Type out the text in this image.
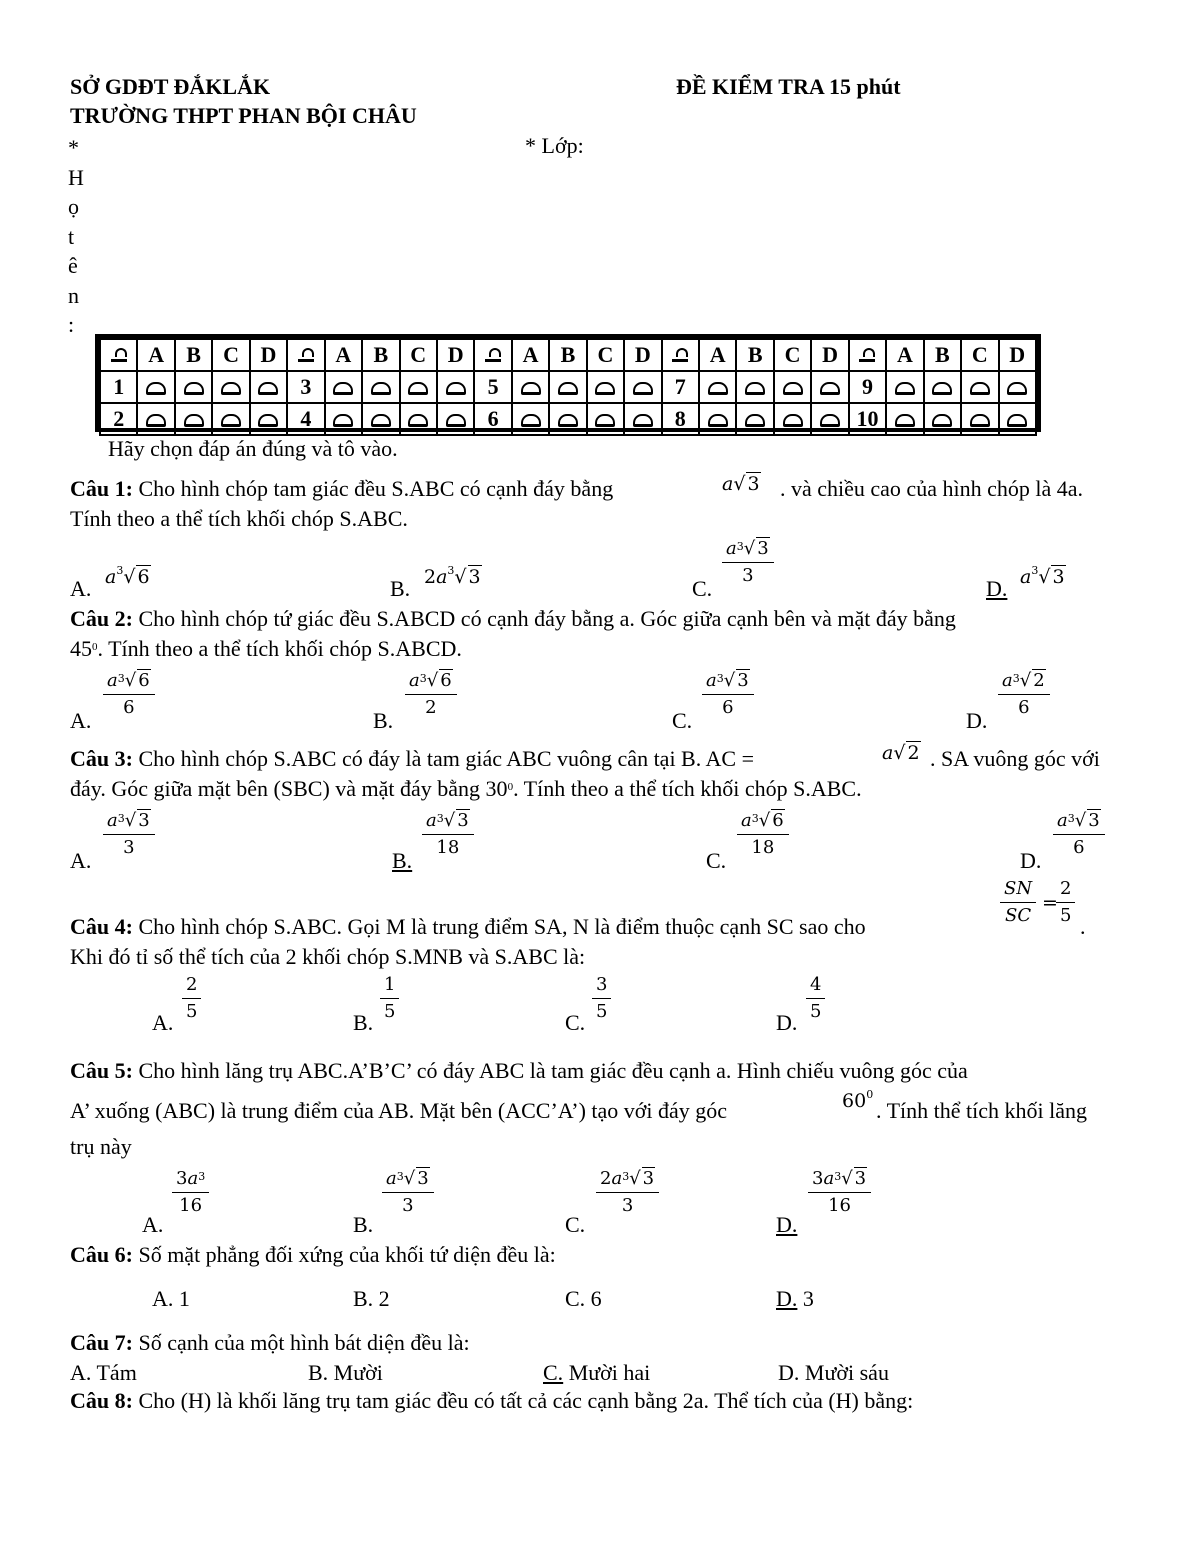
SỞ GDĐT ĐẮKLẮK
TRƯỜNG THPT PHAN BỘI CHÂU
ĐỀ KIỂM TRA 15 phút
*
H
ọ
t
ê
n
:
* Lớp:
	A	B	C	D		A	B	C	D		A	B	C	D		A	B	C	D		A	B	C	D
1					3					5					7					9				
2					4					6					8					10				
Hãy chọn đáp án đúng và tô vào.
Câu 1: Cho hình chóp tam giác đều S.ABC có cạnh đáy bằng	a√ 3 . và chiều cao của hình chóp là 4a.
Tính theo a thể tích khối chóp S.ABC.
A. $a^3√$ 6	B. $2a^3√$ 3	C. $\frac{a^3√ 3}{3}$	D. $a^3√$ 3
Câu 2: Cho hình chóp tứ giác đều S.ABCD có cạnh đáy bằng a. Góc giữa cạnh bên và mặt đáy bằng
$45^0$. Tính theo a thể tích khối chóp S.ABCD.
A. $\frac{a^3√ 6}{6}$	B. $\frac{a^3√ 6}{2}$	C. $\frac{a^3√ 3}{6}$	D. $\frac{a^3√ 2}{6}$
Câu 3: Cho hình chóp S.ABC có đáy là tam giác ABC vuông cân tại B. AC =	a√ 2 . SA vuông góc với
đáy. Góc giữa mặt bên (SBC) và mặt đáy bằng $30^0$. Tính theo a thể tích khối chóp S.ABC.
A. $\frac{a^3√ 3}{3}$	B. $\frac{a^3√ 3}{18}$	C. $\frac{a^3√ 6}{18}$	D. $\frac{a^3√ 3}{6}$
Câu 4: Cho hình chóp S.ABC. Gọi M là trung điểm SA, N là điểm thuộc cạnh SC sao cho	$\frac{SN}{SC}$ =
$\frac{2}{5}$ .
Khi đó tỉ số thể tích của 2 khối chóp S.MNB và S.ABC là:
A. $\frac{2}{5}$	B. $\frac{1}{5}$	C. $\frac{3}{5}$	D. $\frac{4}{5}$
Câu 5: Cho hình lăng trụ ABC.A’B’C’ có đáy ABC là tam giác đều cạnh a. Hình chiếu vuông góc của
A’ xuống (ABC) là trung điểm của AB. Mặt bên (ACC’A’) tạo với đáy góc	$60^0$
. Tính thể tích khối lăng
trụ này
A.
$\frac{3a^3}{16}$
B.
$\frac{a^3√ 3}{3}$
C.
$\frac{2a^3√ 3}{3}$
D.
$\frac{3a^3√ 3}{16}$
Câu 6: Số mặt phẳng đối xứng của khối tứ diện đều là:
A. 1	B. 2	C. 6	D. 3
Câu 7: Số cạnh của một hình bát diện đều là:
A. Tám	B. Mười	C. Mười hai	D. Mười sáu
Câu 8: Cho (H) là khối lăng trụ tam giác đều có tất cả các cạnh bằng 2a. Thể tích của (H) bằng:
